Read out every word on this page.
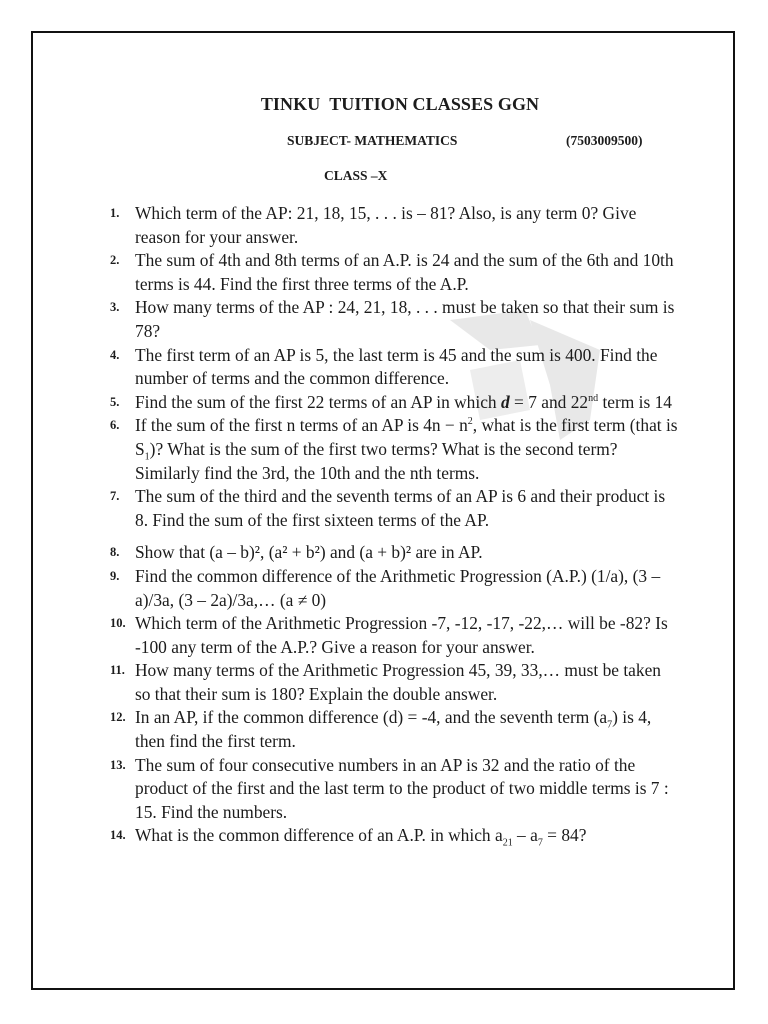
TINKU  TUITION CLASSES GGN
SUBJECT- MATHEMATICS	(7503009500)
CLASS –X
1. Which term of the AP: 21, 18, 15, . . . is – 81? Also, is any term 0? Give reason for your answer.
2. The sum of 4th and 8th terms of an A.P. is 24 and the sum of the 6th and 10th terms is 44. Find the first three terms of the A.P.
3. How many terms of the AP : 24, 21, 18, . . . must be taken so that their sum is 78?
4. The first term of an AP is 5, the last term is 45 and the sum is 400. Find the number of terms and the common difference.
5. Find the sum of the first 22 terms of an AP in which d = 7 and 22nd term is 14
6. If the sum of the first n terms of an AP is $4n - n^2$, what is the first term (that is $S_1$)? What is the sum of the first two terms? What is the second term? Similarly find the 3rd, the 10th and the nth terms.
7. The sum of the third and the seventh terms of an AP is 6 and their product is 8. Find the sum of the first sixteen terms of the AP.
8. Show that (a – b)², (a² + b²) and (a + b)² are in AP.
9. Find the common difference of the Arithmetic Progression (A.P.) (1/a), (3 – a)/3a, (3 – 2a)/3a,… (a ≠ 0)
10. Which term of the Arithmetic Progression -7, -12, -17, -22,… will be -82? Is -100 any term of the A.P.? Give a reason for your answer.
11. How many terms of the Arithmetic Progression 45, 39, 33,… must be taken so that their sum is 180? Explain the double answer.
12. In an AP, if the common difference (d) = -4, and the seventh term $(a_7)$ is 4, then find the first term.
13. The sum of four consecutive numbers in an AP is 32 and the ratio of the product of the first and the last term to the product of two middle terms is 7 : 15. Find the numbers.
14. What is the common difference of an A.P. in which $a_{21} - a_7 = 84$?
